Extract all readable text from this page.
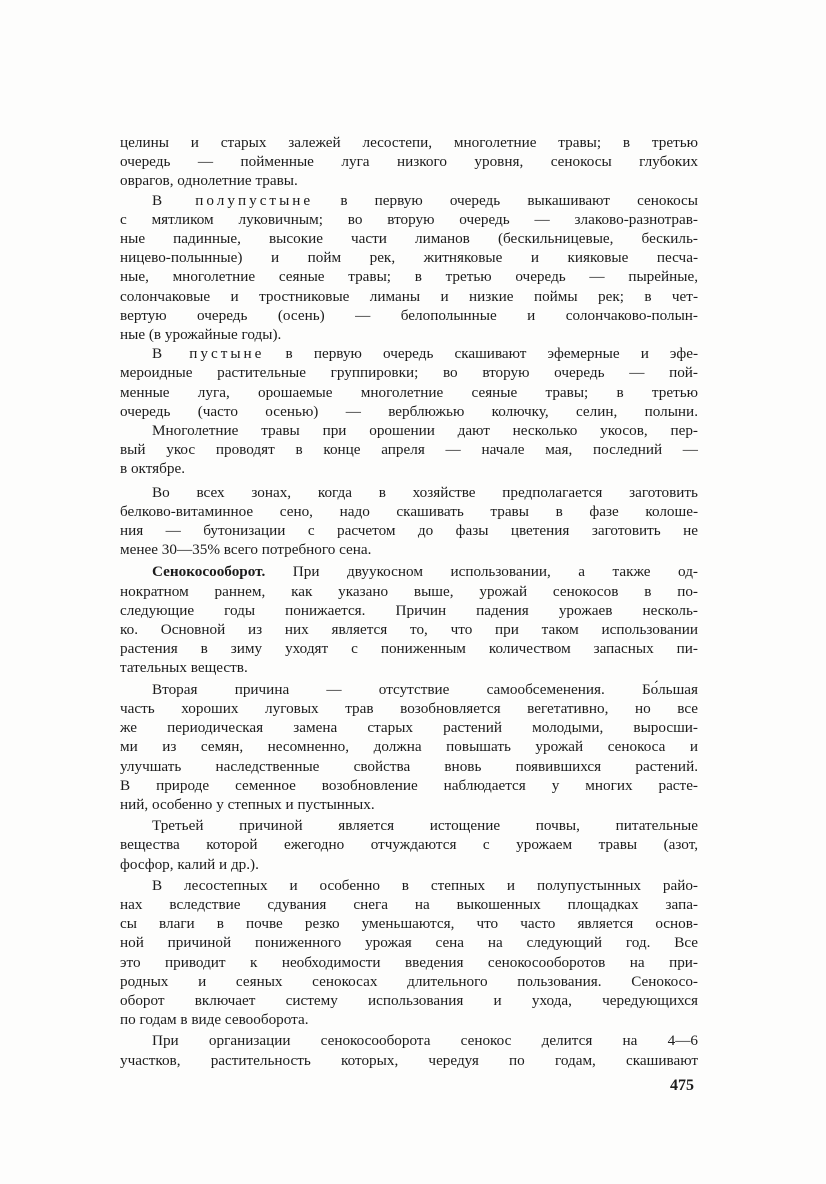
целины и старых залежей лесостепи, многолетние травы; в третью
очередь — пойменные луга низкого уровня, сенокосы глубоких
оврагов, однолетние травы.
В полупустыне в первую очередь выкашивают сенокосы
с мятликом луковичным; во вторую очередь — злаково-разнотрав-
ные падинные, высокие части лиманов (бескильницевые, бескиль-
ницево-полынные) и пойм рек, житняковые и кияковые песча-
ные, многолетние сеяные травы; в третью очередь — пырейные,
солончаковые и тростниковые лиманы и низкие поймы рек; в чет-
вертую очередь (осень) — белополынные и солончаково-полын-
ные (в урожайные годы).
В пустыне в первую очередь скашивают эфемерные и эфе-
мероидные растительные группировки; во вторую очередь — пой-
менные луга, орошаемые многолетние сеяные травы; в третью
очередь (часто осенью) — верблюжью колючку, селин, полыни.
Многолетние травы при орошении дают несколько укосов, пер-
вый укос проводят в конце апреля — начале мая, последний —
в октябре.
Во всех зонах, когда в хозяйстве предполагается заготовить
белково-витаминное сено, надо скашивать травы в фазе колоше-
ния — бутонизации с расчетом до фазы цветения заготовить не
менее 30—35% всего потребного сена.
Сенокосооборот. При двуукосном использовании, а также од-
нократном раннем, как указано выше, урожай сенокосов в по-
следующие годы понижается. Причин падения урожаев несколь-
ко. Основной из них является то, что при таком использовании
растения в зиму уходят с пониженным количеством запасных пи-
тательных веществ.
Вторая причина — отсутствие самообсеменения. Бо́льшая
часть хороших луговых трав возобновляется вегетативно, но все
же периодическая замена старых растений молодыми, выросши-
ми из семян, несомненно, должна повышать урожай сенокоса и
улучшать наследственные свойства вновь появившихся растений.
В природе семенное возобновление наблюдается у многих расте-
ний, особенно у степных и пустынных.
Третьей причиной является истощение почвы, питательные
вещества которой ежегодно отчуждаются с урожаем травы (азот,
фосфор, калий и др.).
В лесостепных и особенно в степных и полупустынных райо-
нах вследствие сдувания снега на выкошенных площадках запа-
сы влаги в почве резко уменьшаются, что часто является основ-
ной причиной пониженного урожая сена на следующий год. Все
это приводит к необходимости введения сенокосооборотов на при-
родных и сеяных сенокосах длительного пользования. Сенокосо-
оборот включает систему использования и ухода, чередующихся
по годам в виде севооборота.
При организации сенокосооборота сенокос делится на 4—6
участков, растительность которых, чередуя по годам, скашивают
475
